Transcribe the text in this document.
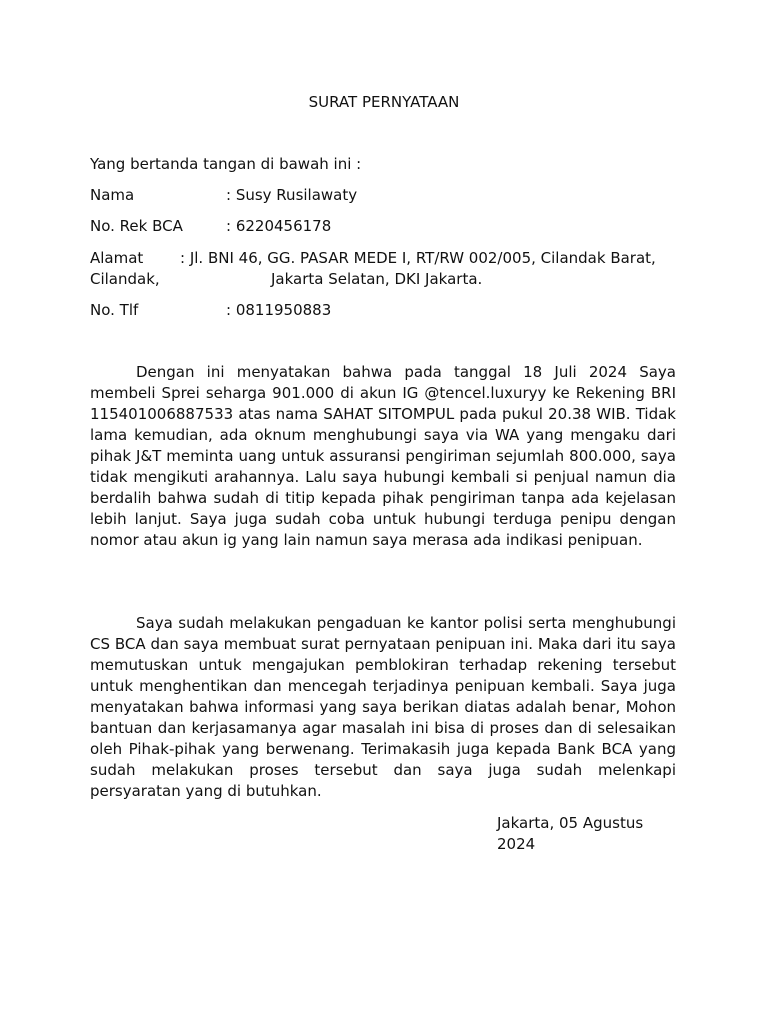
SURAT PERNYATAAN
Yang bertanda tangan di bawah ini :
Nama	: Susy Rusilawaty
No. Rek BCA	: 6220456178
Alamat : Jl. BNI 46, GG. PASAR MEDE I, RT/RW 002/005, Cilandak Barat,
Cilandak,	Jakarta Selatan, DKI Jakarta.
No. Tlf	: 0811950883
Dengan ini menyatakan bahwa pada tanggal 18 Juli 2024 Saya membeli Sprei seharga 901.000 di akun IG @tencel.luxuryy ke Rekening BRI 115401006887533 atas nama SAHAT SITOMPUL pada pukul 20.38 WIB. Tidak lama kemudian, ada oknum menghubungi saya via WA yang mengaku dari pihak J&T meminta uang untuk assuransi pengiriman sejumlah 800.000, saya tidak mengikuti arahannya. Lalu saya hubungi kembali si penjual namun dia berdalih bahwa sudah di titip kepada pihak pengiriman tanpa ada kejelasan lebih lanjut. Saya juga sudah coba untuk hubungi terduga penipu dengan nomor atau akun ig yang lain namun saya merasa ada indikasi penipuan.
Saya sudah melakukan pengaduan ke kantor polisi serta menghubungi CS BCA dan saya membuat surat pernyataan penipuan ini. Maka dari itu saya memutuskan untuk mengajukan pemblokiran terhadap rekening tersebut untuk menghentikan dan mencegah terjadinya penipuan kembali. Saya juga menyatakan bahwa informasi yang saya berikan diatas adalah benar, Mohon bantuan dan kerjasamanya agar masalah ini bisa di proses dan di selesaikan oleh Pihak-pihak yang berwenang. Terimakasih juga kepada Bank BCA yang sudah melakukan proses tersebut dan saya juga sudah melenkapi persyaratan yang di butuhkan.
Jakarta, 05 Agustus 2024
